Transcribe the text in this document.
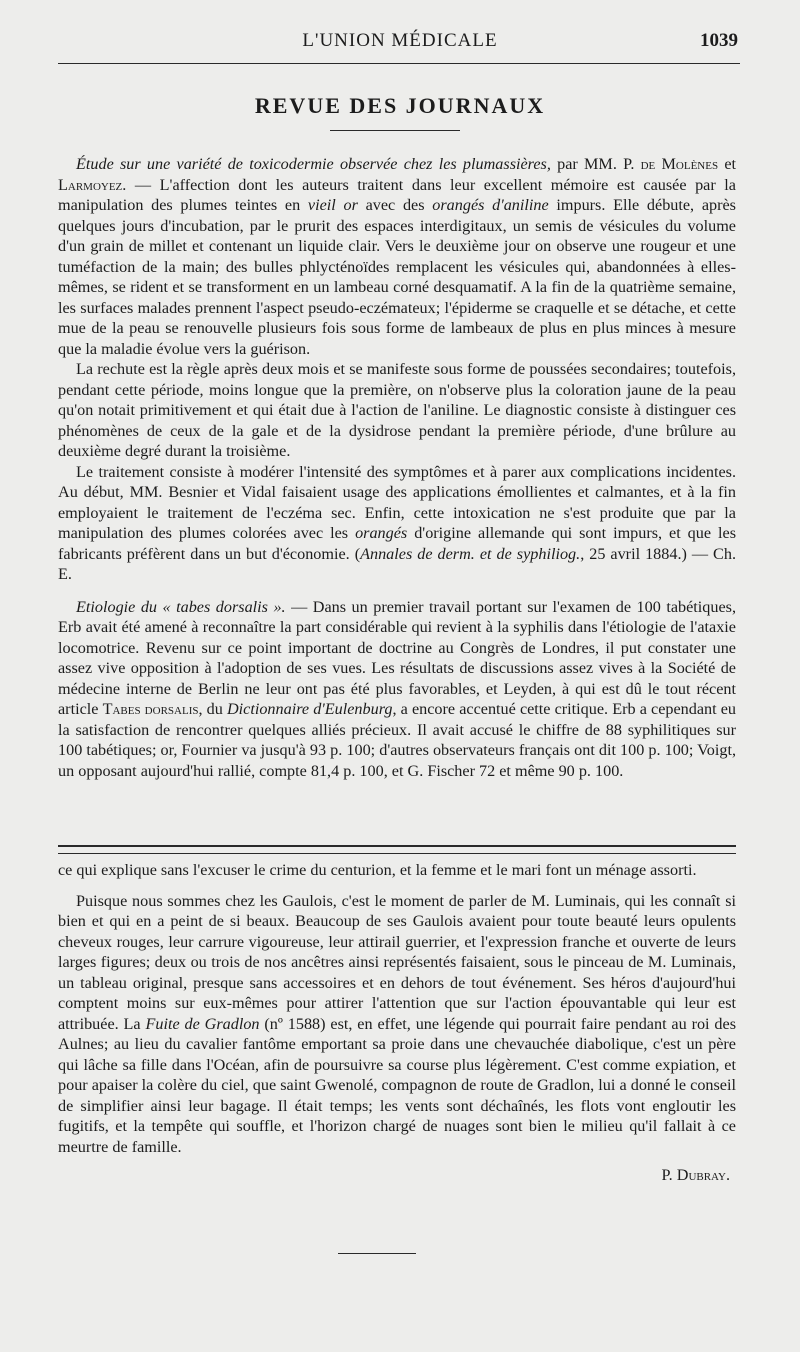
L'UNION MÉDICALE	1039
REVUE DES JOURNAUX

Étude sur une variété de toxicodermie observée chez les plumassières, par MM. P. de Molènes et Larmoyez. — L'affection dont les auteurs traitent dans leur excellent mémoire est causée par la manipulation des plumes teintes en vieil or avec des orangés d'aniline impurs. Elle débute, après quelques jours d'incubation, par le prurit des espaces interdigitaux, un semis de vésicules du volume d'un grain de millet et contenant un liquide clair. Vers le deuxième jour on observe une rougeur et une tuméfaction de la main; des bulles phlycténoïdes remplacent les vésicules qui, abandonnées à elles-mêmes, se rident et se transforment en un lambeau corné desquamatif. A la fin de la quatrième semaine, les surfaces malades prennent l'aspect pseudo-eczémateux; l'épiderme se craquelle et se détache, et cette mue de la peau se renouvelle plusieurs fois sous forme de lambeaux de plus en plus minces à mesure que la maladie évolue vers la guérison.

La rechute est la règle après deux mois et se manifeste sous forme de poussées secondaires; toutefois, pendant cette période, moins longue que la première, on n'observe plus la coloration jaune de la peau qu'on notait primitivement et qui était due à l'action de l'aniline. Le diagnostic consiste à distinguer ces phénomènes de ceux de la gale et de la dysidrose pendant la première période, d'une brûlure au deuxième degré durant la troisième.

Le traitement consiste à modérer l'intensité des symptômes et à parer aux complications incidentes. Au début, MM. Besnier et Vidal faisaient usage des applications émollientes et calmantes, et à la fin employaient le traitement de l'eczéma sec. Enfin, cette intoxication ne s'est produite que par la manipulation des plumes colorées avec les orangés d'origine allemande qui sont impurs, et que les fabricants préfèrent dans un but d'économie. (Annales de derm. et de syphiliog., 25 avril 1884.) — Ch. E.

Etiologie du « tabes dorsalis ». — Dans un premier travail portant sur l'examen de 100 tabétiques, Erb avait été amené à reconnaître la part considérable qui revient à la syphilis dans l'étiologie de l'ataxie locomotrice. Revenu sur ce point important de doctrine au Congrès de Londres, il put constater une assez vive opposition à l'adoption de ses vues. Les résultats de discussions assez vives à la Société de médecine interne de Berlin ne leur ont pas été plus favorables, et Leyden, à qui est dû le tout récent article Tabes dorsalis, du Dictionnaire d'Eulenburg, a encore accentué cette critique. Erb a cependant eu la satisfaction de rencontrer quelques alliés précieux. Il avait accusé le chiffre de 88 syphilitiques sur 100 tabétiques; or, Fournier va jusqu'à 93 p. 100; d'autres observateurs français ont dit 100 p. 100; Voigt, un opposant aujourd'hui rallié, compte 81,4 p. 100, et G. Fischer 72 et même 90 p. 100.

ce qui explique sans l'excuser le crime du centurion, et la femme et le mari font un ménage assorti.

Puisque nous sommes chez les Gaulois, c'est le moment de parler de M. Luminais, qui les connaît si bien et qui en a peint de si beaux. Beaucoup de ses Gaulois avaient pour toute beauté leurs opulents cheveux rouges, leur carrure vigoureuse, leur attirail guerrier, et l'expression franche et ouverte de leurs larges figures; deux ou trois de nos ancêtres ainsi représentés faisaient, sous le pinceau de M. Luminais, un tableau original, presque sans accessoires et en dehors de tout événement. Ses héros d'aujourd'hui comptent moins sur eux-mêmes pour attirer l'attention que sur l'action épouvantable qui leur est attribuée. La Fuite de Gradlon (nº 1588) est, en effet, une légende qui pourrait faire pendant au roi des Aulnes; au lieu du cavalier fantôme emportant sa proie dans une chevauchée diabolique, c'est un père qui lâche sa fille dans l'Océan, afin de poursuivre sa course plus légèrement. C'est comme expiation, et pour apaiser la colère du ciel, que saint Gwenolé, compagnon de route de Gradlon, lui a donné le conseil de simplifier ainsi leur bagage. Il était temps; les vents sont déchaînés, les flots vont engloutir les fugitifs, et la tempête qui souffle, et l'horizon chargé de nuages sont bien le milieu qu'il fallait à ce meurtre de famille.

P. Dubray.
